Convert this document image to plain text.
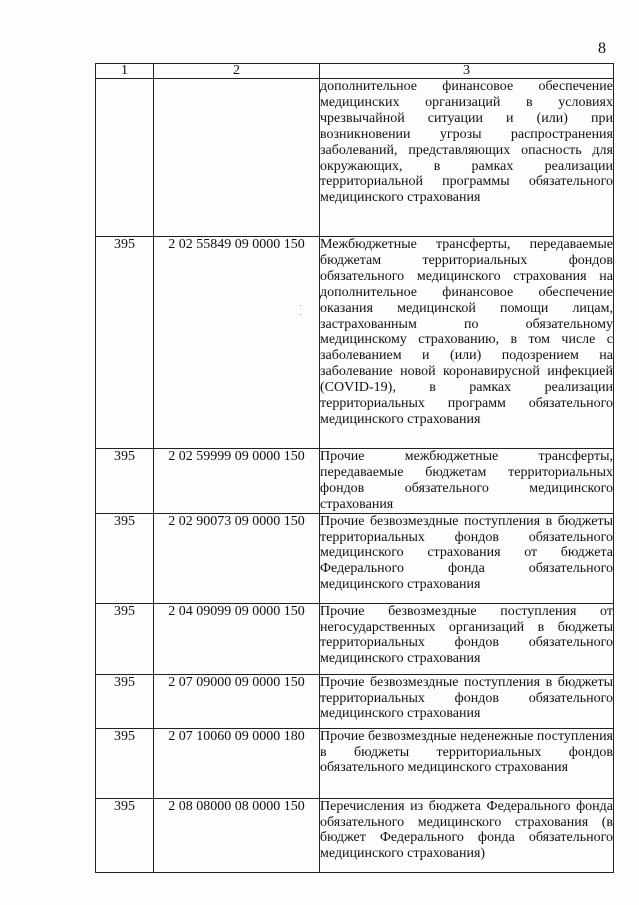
8
1	2	3
		дополнительное финансовое обеспечение медицинских организаций в условиях чрезвычайной ситуации и (или) при возникновении угрозы распространения заболеваний, представляющих опасность для окружающих, в рамках реализации территориальной программы обязательного медицинского страхования
395	2 02 55849 09 0000 150	Межбюджетные трансферты, передаваемые бюджетам территориальных фондов обязательного медицинского страхования на дополнительное финансовое обеспечение оказания медицинской помощи лицам, застрахованным по обязательному медицинскому страхованию, в том числе с заболеванием и (или) подозрением на заболевание новой коронавирусной инфекцией (COVID-19), в рамках реализации территориальных программ обязательного медицинского страхования
395	2 02 59999 09 0000 150	Прочие межбюджетные трансферты, передаваемые бюджетам территориальных фондов обязательного медицинского страхования
395	2 02 90073 09 0000 150	Прочие безвозмездные поступления в бюджеты территориальных фондов обязательного медицинского страхования от бюджета Федерального фонда обязательного медицинского страхования
395	2 04 09099 09 0000 150	Прочие безвозмездные поступления от негосударственных организаций в бюджеты территориальных фондов обязательного медицинского страхования
395	2 07 09000 09 0000 150	Прочие безвозмездные поступления в бюджеты территориальных фондов обязательного медицинского страхования
395	2 07 10060 09 0000 180	Прочие безвозмездные неденежные поступления в бюджеты территориальных фондов обязательного медицинского страхования
395	2 08 08000 08 0000 150	Перечисления из бюджета Федерального фонда обязательного медицинского страхования (в бюджет Федерального фонда обязательного медицинского страхования)
